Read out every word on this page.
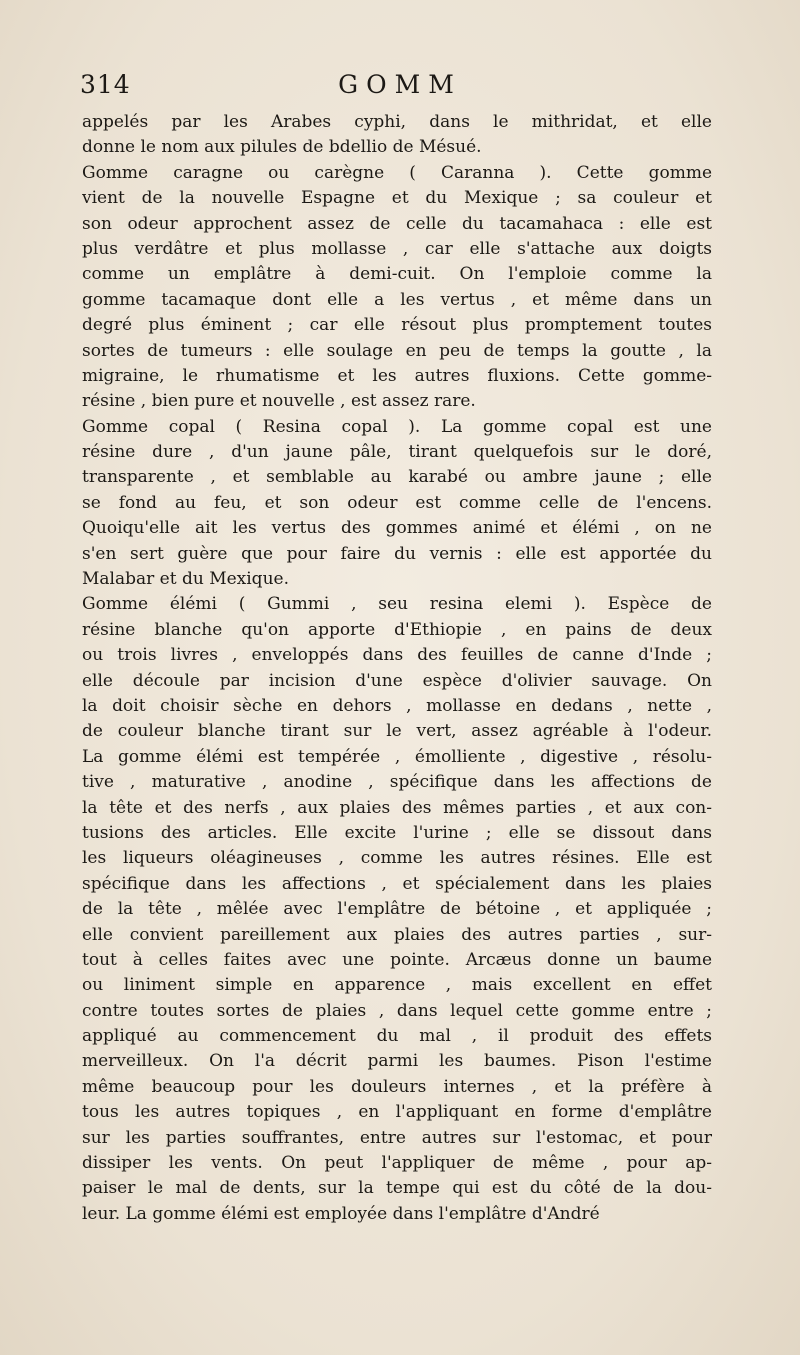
314	GOMM
appelés par les Arabes cyphi, dans le mithridat, et elle
donne le nom aux pilules de bdellio de Mésué.
Gomme caragne ou carègne ( Caranna ). Cette gomme
vient de la nouvelle Espagne et du Mexique ; sa couleur et
son odeur approchent assez de celle du tacamahaca : elle est
plus verdâtre et plus mollasse , car elle s'attache aux doigts
comme un emplâtre à demi-cuit. On l'emploie comme la
gomme tacamaque dont elle a les vertus , et même dans un
degré plus éminent ; car elle résout plus promptement toutes
sortes de tumeurs : elle soulage en peu de temps la goutte , la
migraine, le rhumatisme et les autres fluxions. Cette gomme-
résine , bien pure et nouvelle , est assez rare.
Gomme copal ( Resina copal ). La gomme copal est une
résine dure , d'un jaune pâle, tirant quelquefois sur le doré,
transparente , et semblable au karabé ou ambre jaune ; elle
se fond au feu, et son odeur est comme celle de l'encens.
Quoiqu'elle ait les vertus des gommes animé et élémi , on ne
s'en sert guère que pour faire du vernis : elle est apportée du
Malabar et du Mexique.
Gomme élémi ( Gummi , seu resina elemi ). Espèce de
résine blanche qu'on apporte d'Ethiopie , en pains de deux
ou trois livres , enveloppés dans des feuilles de canne d'Inde ;
elle découle par incision d'une espèce d'olivier sauvage. On
la doit choisir sèche en dehors , mollasse en dedans , nette ,
de couleur blanche tirant sur le vert, assez agréable à l'odeur.
La gomme élémi est tempérée , émolliente , digestive , résolu-
tive , maturative , anodine , spécifique dans les affections de
la tête et des nerfs , aux plaies des mêmes parties , et aux con-
tusions des articles. Elle excite l'urine ; elle se dissout dans
les liqueurs oléagineuses , comme les autres résines. Elle est
spécifique dans les affections , et spécialement dans les plaies
de la tête , mêlée avec l'emplâtre de bétoine , et appliquée ;
elle convient pareillement aux plaies des autres parties , sur-
tout à celles faites avec une pointe. Arcæus donne un baume
ou liniment simple en apparence , mais excellent en effet
contre toutes sortes de plaies , dans lequel cette gomme entre ;
appliqué au commencement du mal , il produit des effets
merveilleux. On l'a décrit parmi les baumes. Pison l'estime
même beaucoup pour les douleurs internes , et la préfère à
tous les autres topiques , en l'appliquant en forme d'emplâtre
sur les parties souffrantes, entre autres sur l'estomac, et pour
dissiper les vents. On peut l'appliquer de même , pour ap-
paiser le mal de dents, sur la tempe qui est du côté de la dou-
leur. La gomme élémi est employée dans l'emplâtre d'André
